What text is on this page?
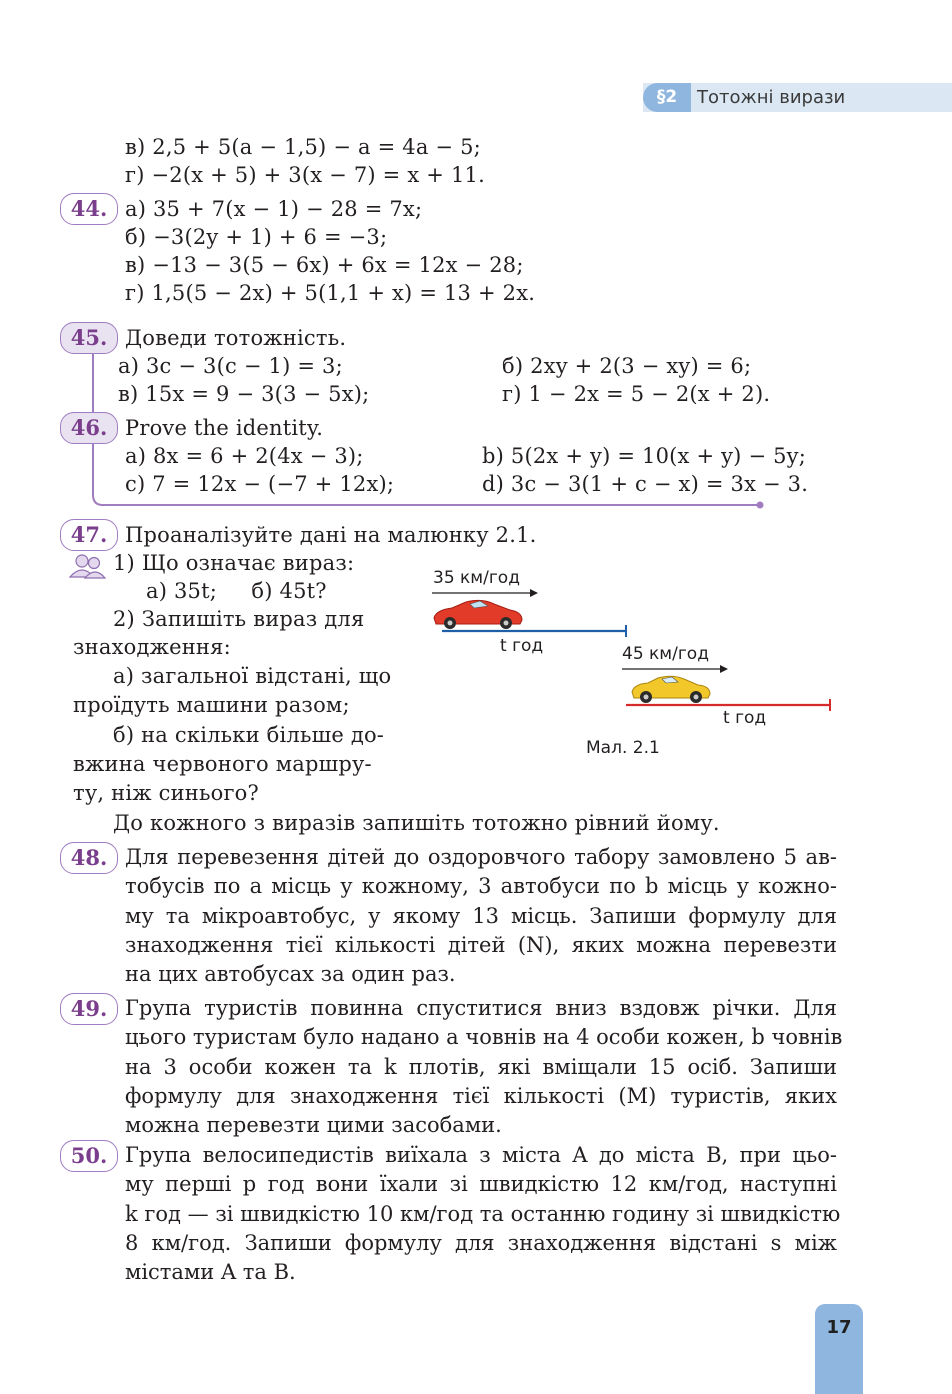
§2	Тотожні вирази
в) 2,5 + 5(a − 1,5) − a = 4a − 5;
г) −2(x + 5) + 3(x − 7) = x + 11.
44. а) 35 + 7(x − 1) − 28 = 7x;
б) −3(2y + 1) + 6 = −3;
в) −13 − 3(5 − 6x) + 6x = 12x − 28;
г) 1,5(5 − 2x) + 5(1,1 + x) = 13 + 2x.
45. Доведи тотожність.
а) 3c − 3(c − 1) = 3;	б) 2xy + 2(3 − xy) = 6;
в) 15x = 9 − 3(3 − 5x);	г) 1 − 2x = 5 − 2(x + 2).
46. Prove the identity.
a) 8x = 6 + 2(4x − 3);	b) 5(2x + y) = 10(x + y) − 5y;
c) 7 = 12x − (−7 + 12x);	d) 3c − 3(1 + c − x) = 3x − 3.
47. Проаналізуйте дані на малюнку 2.1.
1) Що означає вираз:
а) 35t;     б) 45t?
2) Запишіть вираз для
знаходження:
а) загальної відстані, що
проїдуть машини разом;
б) на скільки більше до-
вжина червоного маршру-
ту, ніж синього?
35 км/год
t год	45 км/год
t год
Мал. 2.1
До кожного з виразів запишіть тотожно рівний йому.
48. Для перевезення дітей до оздоровчого табору замовлено 5 ав-
тобусів по a місць у кожному, 3 автобуси по b місць у кожно-
му та мікроавтобус, у якому 13 місць. Запиши формулу для
знаходження тієї кількості дітей (N), яких можна перевезти
на цих автобусах за один раз.
49. Група туристів повинна спуститися вниз вздовж річки. Для
цього туристам було надано a човнів на 4 особи кожен, b човнів
на 3 особи кожен та k плотів, які вміщали 15 осіб. Запиши
формулу для знаходження тієї кількості (M) туристів, яких
можна перевезти цими засобами.
50. Група велосипедистів виїхала з міста A до міста B, при цьо-
му перші p год вони їхали зі швидкістю 12 км/год, наступні
k год — зі швидкістю 10 км/год та останню годину зі швидкістю
8 км/год. Запиши формулу для знаходження відстані s між
містами A та B.
17
